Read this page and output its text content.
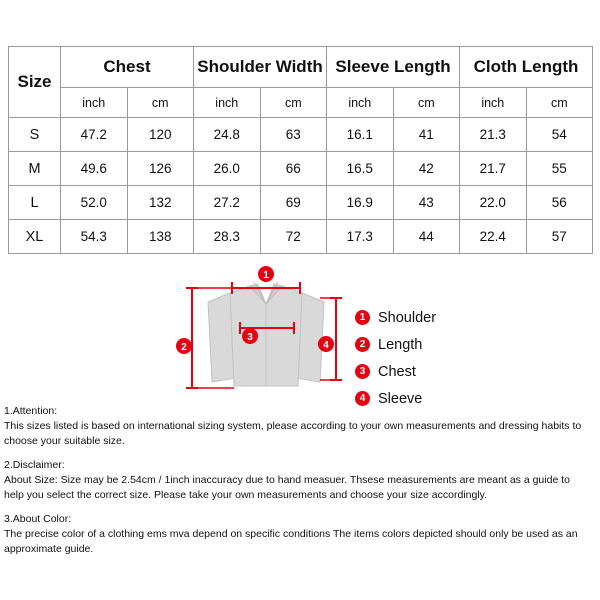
Size	Chest		Shoulder Width		Sleeve Length		Cloth Length	
	inch	cm	inch	cm	inch	cm	inch	cm
S	47.2	120	24.8	63	16.1	41	21.3	54
M	49.6	126	26.0	66	16.5	42	21.7	55
L	52.0	132	27.2	69	16.9	43	22.0	56
XL	54.3	138	28.3	72	17.3	44	22.4	57
1
2
3
4
1 Shoulder
2 Length
3 Chest
4 Sleeve

1.Attention:

This sizes listed is based on international sizing system, please according to your own measurements and dressing habits to choose your suitable size.

2.Disclaimer:

About Size: Size may be 2.54cm / 1inch inaccuracy due to hand measuer. Thsese measurements are meant as a guide to help you select the correct size. Please take your own measurements and choose your size accordingly.

3.About Color:

The precise color of a clothing ems mva depend on specific conditions The items colors depicted should only be used as an approximate guide.
